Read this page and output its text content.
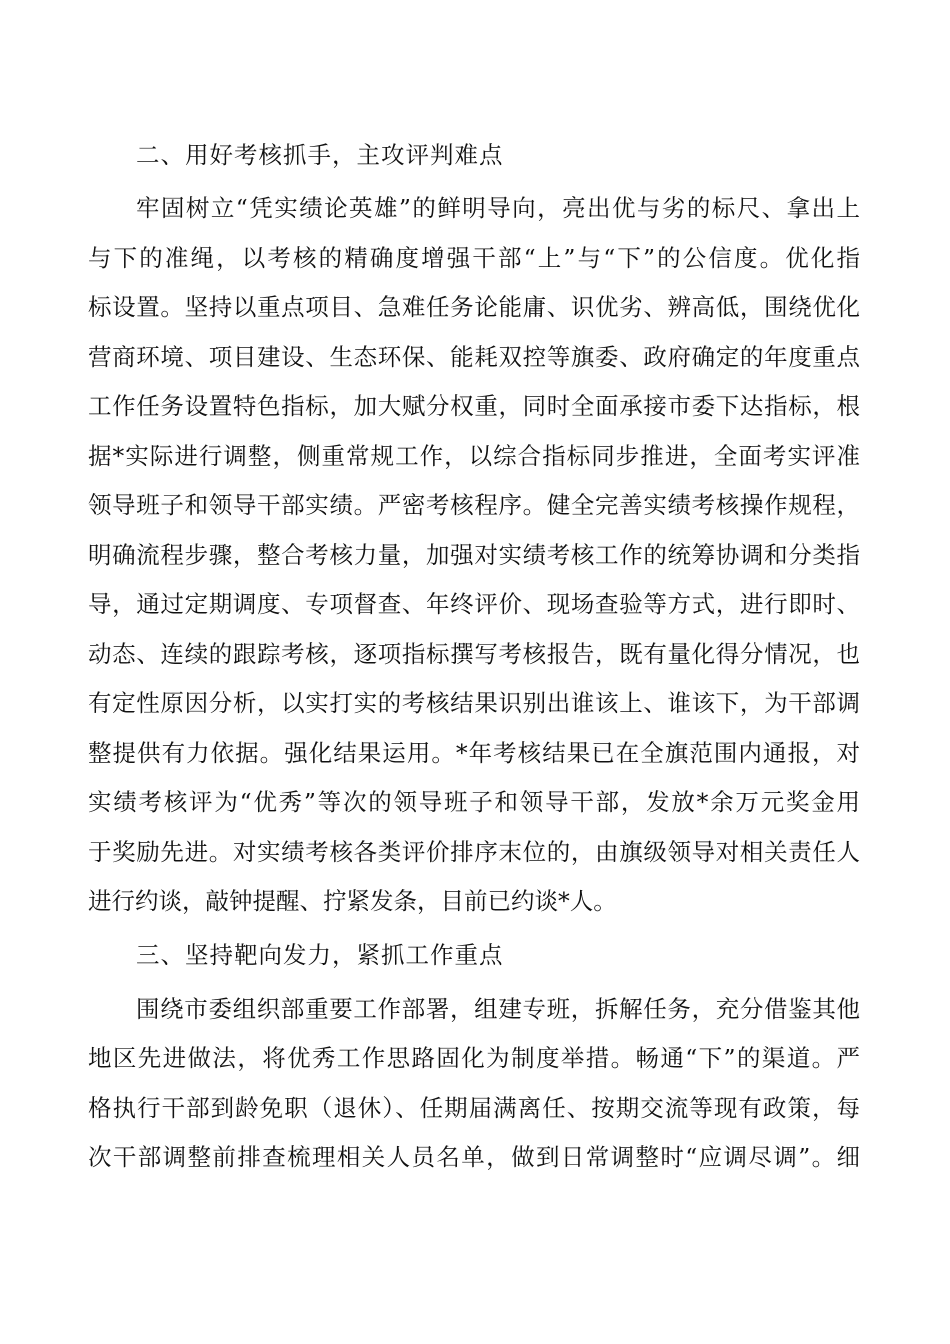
二、用好考核抓手，主攻评判难点
牢固树立“凭实绩论英雄”的鲜明导向，亮出优与劣的标尺、拿出上
与下的准绳，以考核的精确度增强干部“上”与“下”的公信度。优化指
标设置。坚持以重点项目、急难任务论能庸、识优劣、辨高低，围绕优化
营商环境、项目建设、生态环保、能耗双控等旗委、政府确定的年度重点
工作任务设置特色指标，加大赋分权重，同时全面承接市委下达指标，根
据*实际进行调整，侧重常规工作，以综合指标同步推进，全面考实评准
领导班子和领导干部实绩。严密考核程序。健全完善实绩考核操作规程，
明确流程步骤，整合考核力量，加强对实绩考核工作的统筹协调和分类指
导，通过定期调度、专项督查、年终评价、现场查验等方式，进行即时、
动态、连续的跟踪考核，逐项指标撰写考核报告，既有量化得分情况，也
有定性原因分析，以实打实的考核结果识别出谁该上、谁该下，为干部调
整提供有力依据。强化结果运用。*年考核结果已在全旗范围内通报，对
实绩考核评为“优秀”等次的领导班子和领导干部，发放*余万元奖金用
于奖励先进。对实绩考核各类评价排序末位的，由旗级领导对相关责任人
进行约谈，敲钟提醒、拧紧发条，目前已约谈*人。
三、坚持靶向发力，紧抓工作重点
围绕市委组织部重要工作部署，组建专班，拆解任务，充分借鉴其他
地区先进做法，将优秀工作思路固化为制度举措。畅通“下”的渠道。严
格执行干部到龄免职（退休）、任期届满离任、按期交流等现有政策，每
次干部调整前排查梳理相关人员名单，做到日常调整时“应调尽调”。细
